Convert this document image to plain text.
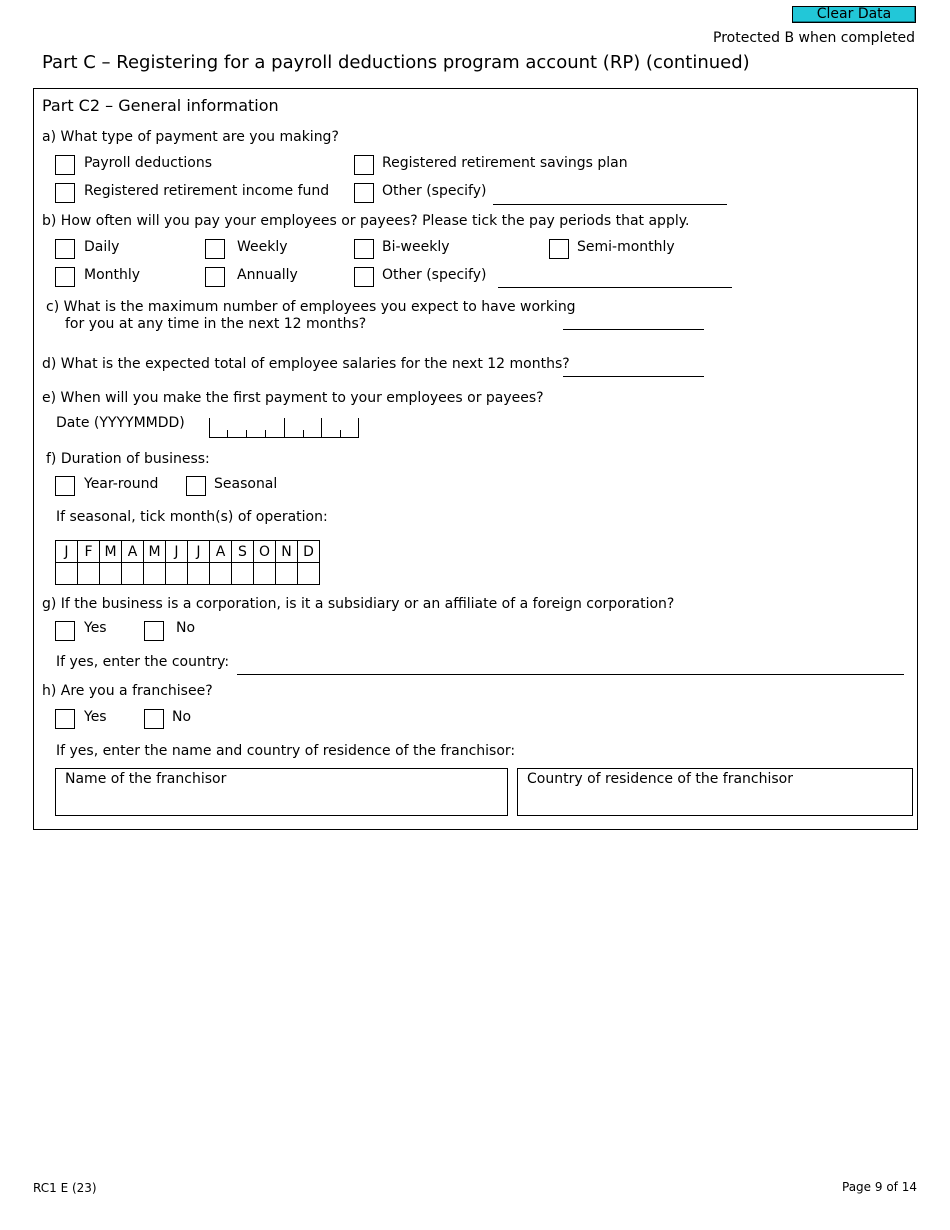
Clear Data
Protected B when completed
Part C – Registering for a payroll deductions program account (RP) (continued)
Part C2 – General information
a) What type of payment are you making?
Payroll deductions	Registered retirement savings plan
Registered retirement income fund	Other (specify)
b) How often will you pay your employees or payees? Please tick the pay periods that apply.
Daily	Weekly	Bi-weekly	Semi-monthly
Monthly	Annually	Other (specify)
c) What is the maximum number of employees you expect to have working
for you at any time in the next 12 months?
d) What is the expected total of employee salaries for the next 12 months?
e) When will you make the first payment to your employees or payees?
Date (YYYYMMDD)
f) Duration of business:
Year-round	Seasonal
If seasonal, tick month(s) of operation:
J	F	M	A	M	J	J	A	S	O	N	D

g) If the business is a corporation, is it a subsidiary or an affiliate of a foreign corporation?
Yes	No
If yes, enter the country:
h) Are you a franchisee?
Yes	No
If yes, enter the name and country of residence of the franchisor:
Name of the franchisor	Country of residence of the franchisor
RC1 E (23)	Page 9 of 14
